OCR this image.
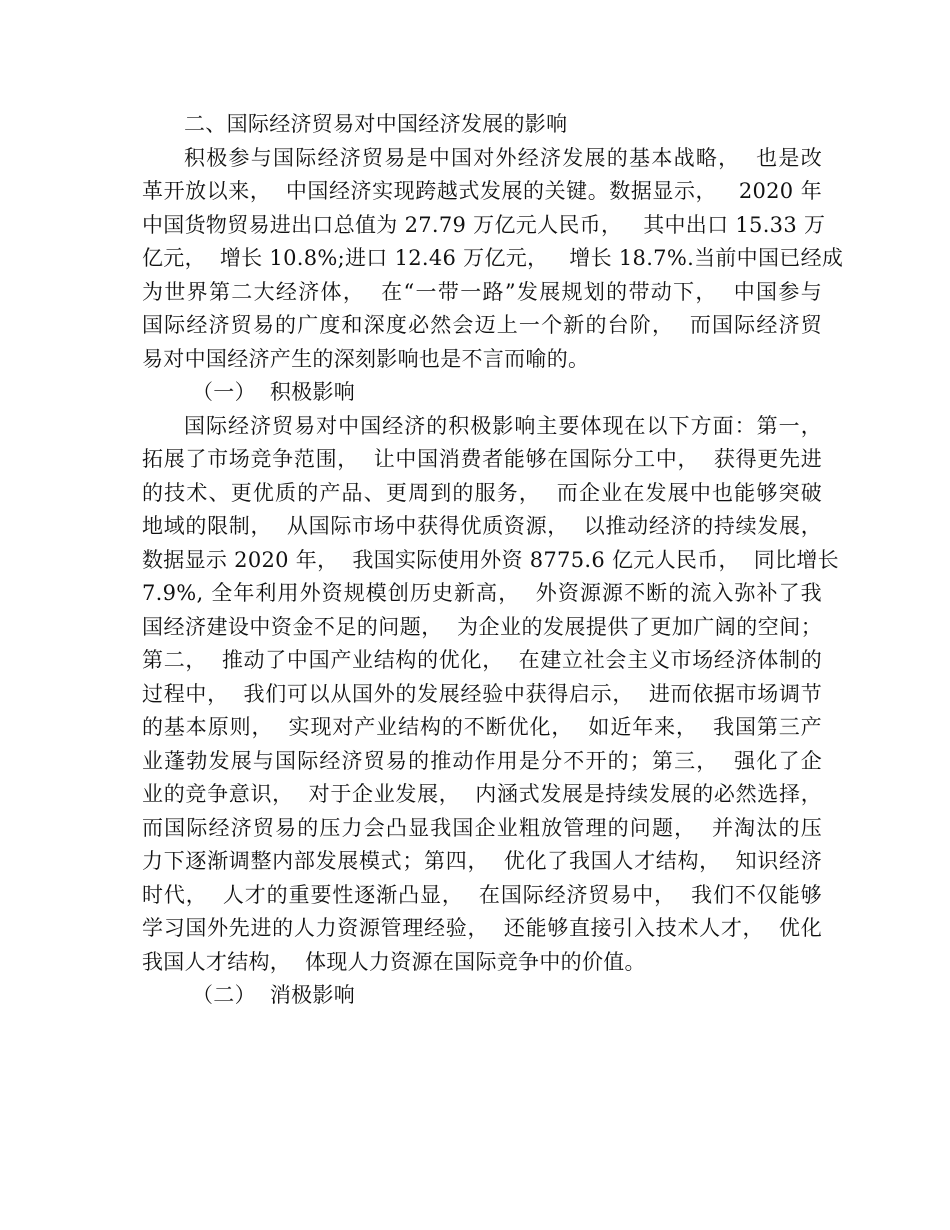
二、国际经济贸易对中国经济发展的影响
积极参与国际经济贸易是中国对外经济发展的基本战略，  也是改
革开放以来，  中国经济实现跨越式发展的关键。数据显示，   2020 年
中国货物贸易进出口总值为 27.79 万亿元人民币，   其中出口 15.33 万
亿元，  增长 10.8%;进口 12.46 万亿元，   增长 18.7%.当前中国已经成
为世界第二大经济体，  在“一带一路”发展规划的带动下，  中国参与
国际经济贸易的广度和深度必然会迈上一个新的台阶，  而国际经济贸
易对中国经济产生的深刻影响也是不言而喻的。
（一）  积极影响
国际经济贸易对中国经济的积极影响主要体现在以下方面：第一，
拓展了市场竞争范围，  让中国消费者能够在国际分工中，  获得更先进
的技术、更优质的产品、更周到的服务，  而企业在发展中也能够突破
地域的限制，  从国际市场中获得优质资源，  以推动经济的持续发展，
数据显示 2020 年，  我国实际使用外资 8775.6 亿元人民币，  同比增长
7.9%, 全年利用外资规模创历史新高，  外资源源不断的流入弥补了我
国经济建设中资金不足的问题，  为企业的发展提供了更加广阔的空间；
第二，  推动了中国产业结构的优化，  在建立社会主义市场经济体制的
过程中，  我们可以从国外的发展经验中获得启示，  进而依据市场调节
的基本原则，  实现对产业结构的不断优化，  如近年来，  我国第三产
业蓬勃发展与国际经济贸易的推动作用是分不开的；第三，  强化了企
业的竞争意识，  对于企业发展，  内涵式发展是持续发展的必然选择，
而国际经济贸易的压力会凸显我国企业粗放管理的问题，  并淘汰的压
力下逐渐调整内部发展模式；第四，  优化了我国人才结构，  知识经济
时代，  人才的重要性逐渐凸显，  在国际经济贸易中，  我们不仅能够
学习国外先进的人力资源管理经验，  还能够直接引入技术人才，  优化
我国人才结构，  体现人力资源在国际竞争中的价值。
（二）  消极影响
